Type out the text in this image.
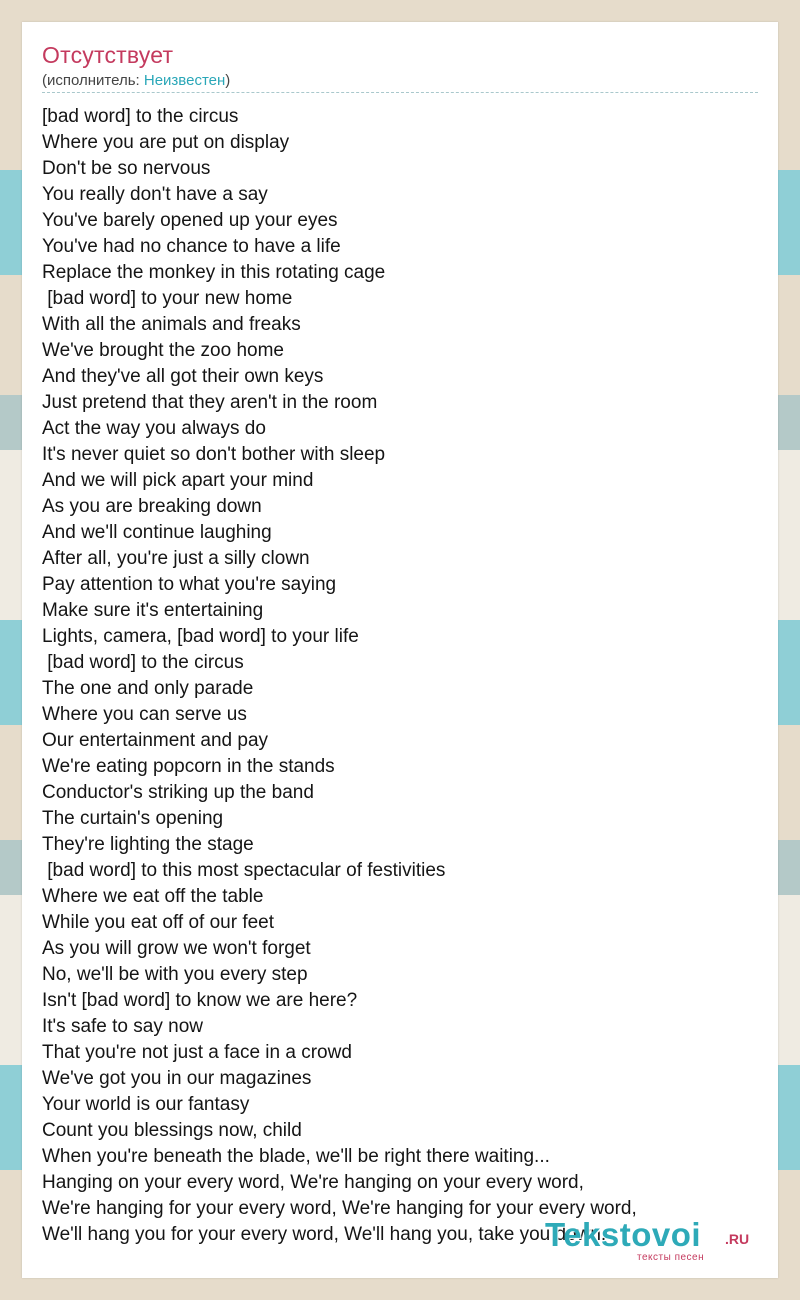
Отсутствует
(исполнитель: Неизвестен)
[bad word] to the circus
Where you are put on display
Don't be so nervous
You really don't have a say
You've barely opened up your eyes
You've had no chance to have a life
Replace the monkey in this rotating cage
[bad word] to your new home
With all the animals and freaks
We've brought the zoo home
And they've all got their own keys
Just pretend that they aren't in the room
Act the way you always do
It's never quiet so don't bother with sleep
And we will pick apart your mind
As you are breaking down
And we'll continue laughing
After all, you're just a silly clown
Pay attention to what you're saying
Make sure it's entertaining
Lights, camera, [bad word] to your life
[bad word] to the circus
The one and only parade
Where you can serve us
Our entertainment and pay
We're eating popcorn in the stands
Conductor's striking up the band
The curtain's opening
They're lighting the stage
[bad word] to this most spectacular of festivities
Where we eat off the table
While you eat off of our feet
As you will grow we won't forget
No, we'll be with you every step
Isn't [bad word] to know we are here?
It's safe to say now
That you're not just a face in a crowd
We've got you in our magazines
Your world is our fantasy
Count you blessings now, child
When you're beneath the blade, we'll be right there waiting...
Hanging on your every word, We're hanging on your every word,
We're hanging for your every word, We're hanging for your every word,
We'll hang you for your every word, We'll hang you, take you down.
Tekstovoi .RU
тексты песен
